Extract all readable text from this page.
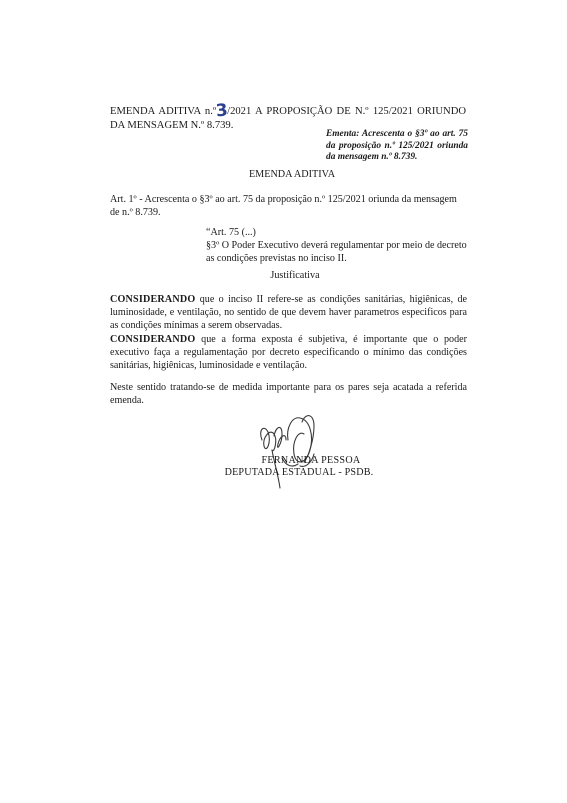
EMENDA ADITIVA n.º3/2021 A PROPOSIÇÃO DE N.º 125/2021 ORIUNDO DA MENSAGEM N.º 8.739.
Ementa: Acrescenta o §3º ao art. 75 da proposição n.º 125/2021 oriunda da mensagem n.º 8.739.
EMENDA ADITIVA
Art. 1º - Acrescenta o §3º ao art. 75 da proposição n.º 125/2021 oriunda da mensagem de n.º 8.739.
“Art. 75 (...)
§3º O Poder Executivo deverá regulamentar por meio de decreto
as condições previstas no inciso II.
Justificativa
CONSIDERANDO que o inciso II refere-se as condições sanitárias, higiênicas, de luminosidade, e ventilação, no sentido de que devem haver parametros especificos para as condições mínimas a serem observadas.
CONSIDERANDO que a forma exposta é subjetiva, é importante que o poder executivo faça a regulamentação por decreto especificando o mínimo das condições sanitárias, higiênicas, luminosidade e ventilação.
Neste sentido tratando-se de medida importante para os pares seja acatada a referida emenda.
FERNANDA PESSOA
DEPUTADA ESTADUAL - PSDB.
